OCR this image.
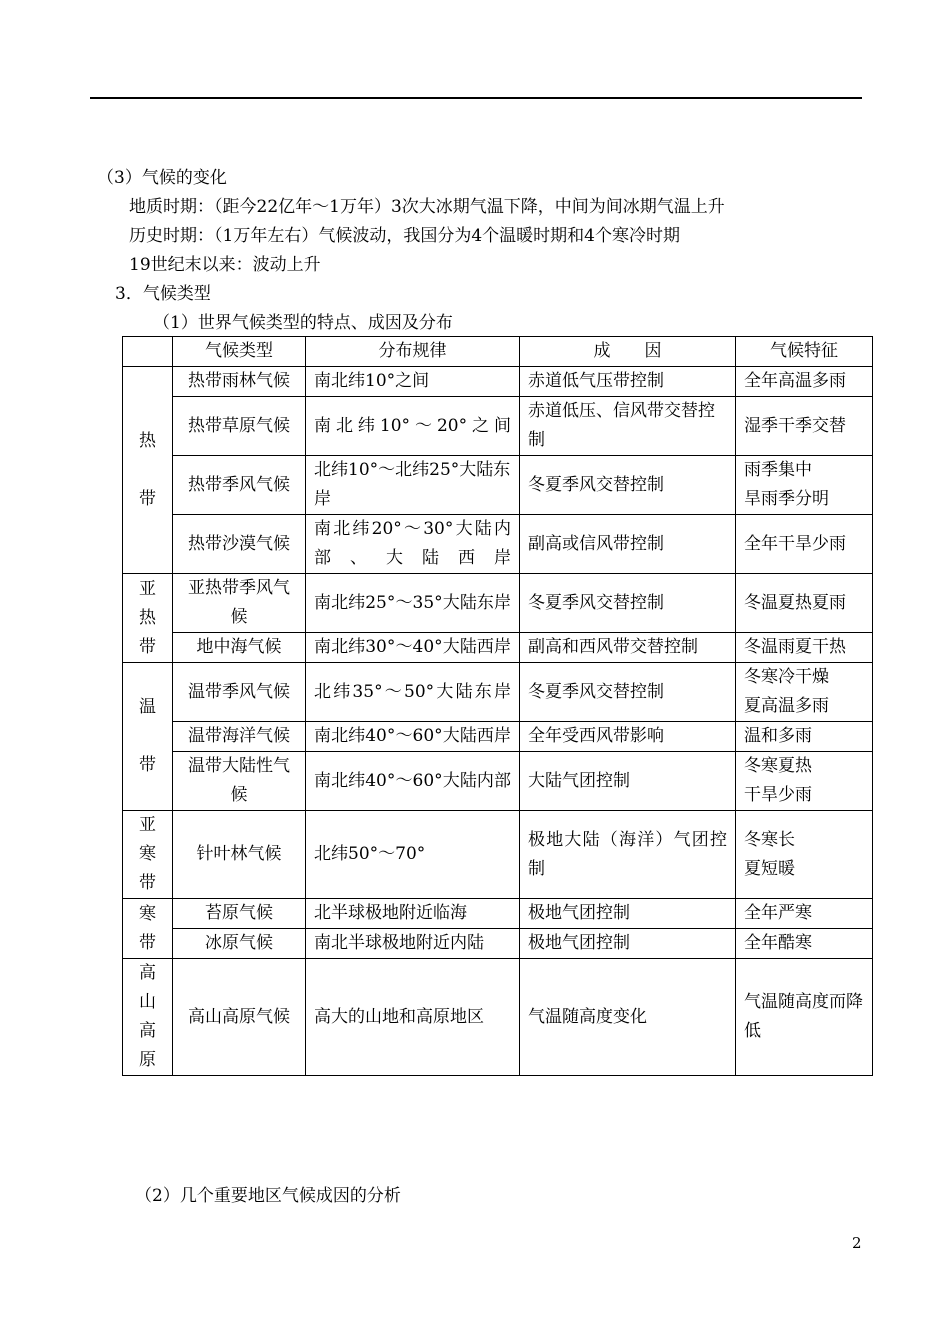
（3）气候的变化
地质时期：（距今22亿年～1万年）3次大冰期气温下降，中间为间冰期气温上升
历史时期：（1万年左右）气候波动，我国分为4个温暖时期和4个寒冷时期
19世纪末以来：波动上升
3．气候类型
（1）世界气候类型的特点、成因及分布
	气候类型	分布规律	成　　因	气候特征

热
带	热带雨林气候	南北纬10°之间	赤道低气压带控制	全年高温多雨
	热带草原气候	南北纬10°～20°之间	赤道低压、信风带交替控制	湿季干季交替
	热带季风气候	北纬10°～北纬25°大陆东岸	冬夏季风交替控制	雨季集中
旱雨季分明
	热带沙漠气候	南北纬20°～30°大陆内部、大陆西岸	副高或信风带控制	全年干旱少雨

亚
热
带	亚热带季风气候	南北纬25°～35°大陆东岸	冬夏季风交替控制	冬温夏热夏雨
	地中海气候	南北纬30°～40°大陆西岸	副高和西风带交替控制	冬温雨夏干热

温
带	温带季风气候	北纬35°～50°大陆东岸	冬夏季风交替控制	冬寒冷干燥
夏高温多雨
	温带海洋气候	南北纬40°～60°大陆西岸	全年受西风带影响	温和多雨
	温带大陆性气候	南北纬40°～60°大陆内部	大陆气团控制	冬寒夏热
干旱少雨

亚
寒
带	针叶林气候	北纬50°～70°	极地大陆（海洋）气团控制	冬寒长
夏短暖

寒
带	苔原气候	北半球极地附近临海	极地气团控制	全年严寒
	冰原气候	南北半球极地附近内陆	极地气团控制	全年酷寒

高
山
高
原	高山高原气候	高大的山地和高原地区	气温随高度变化	气温随高度而降低
（2）几个重要地区气候成因的分析
2
